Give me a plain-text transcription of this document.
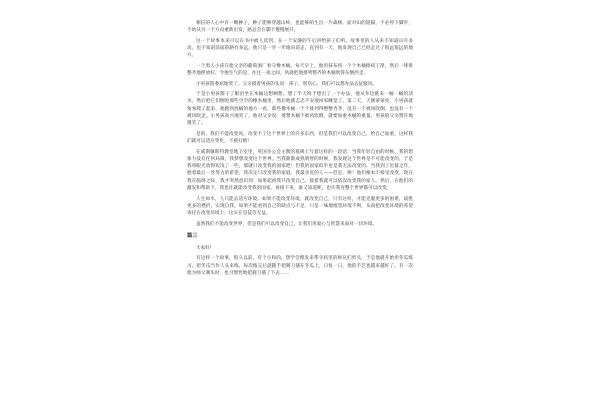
相信的人心中有一颗种子，种子能够穿越山岭，也能够萌生出一片森林。面对山的阻隔，不必停下脚步，不妨从另一个方向重新出发，路总会在脚下慢慢展开。

这一个故事本来可以在书中被人读到，在一个安静的午后讲给孩子们听。故事里的人从来不知道山有多高，也不知道前面的路有多远，他只是一步一步地向前走，直到有一天，他发现自己已经走过了很远很远的地方。

一个黑人小孩在他父亲的葡萄酒厂看守橡木桶。每天早上，他用抹布将一个个木桶擦拭干净，然后一排排整齐地摆放好。令他生气的是，往往一夜之间，风就把他排列整齐的木桶吹得东倒西歪。

小男孩很委屈地哭了。父亲摸着男孩的头说：孩子，别伤心，我们可以想办法去征服风。

于是小男孩擦干了眼泪坐在木桶边想啊想。想了半天终于想出了一个办法，他从井边挑来一桶一桶的清水，然后把它们倒进那些空空的橡木桶里，然后他就忐忑不安地回家睡觉了。第二天，天刚蒙蒙亮，小男孩就匆匆爬了起来，他跑到放桶的地方一看，那些橡木桶一个个排列得整整齐齐，没有一个被风吹倒，也没有一个被风吹歪。小男孩高兴地笑了，他对父亲说：要想木桶不被风吹倒，就要加重木桶的重量。男孩的父亲赞许地微笑了。

是的，我们不能改变风，改变不了这个世界上的许多东西，但是我们可以改变自己，给自己加重，这样我们就可以适应变化，不被打败！

在威斯敏斯特教堂地下室里，英国圣公会主教的墓碑上写着这样的一段话：当我年轻自由的时候，我的想象力没有任何局限，我梦想改变这个世界。当我渐渐成熟明智的时候，我发现这个世界是不可能改变的，于是我将眼光放得短浅了一些，那就只改变我的国家吧！但我的国家似乎也是我无法改变的。当我到了迟暮之年，抱着最后一丝努力的希望，我决定只改变我的家庭、我最亲近的人——但是，唉！他们根本不接受改变。现在我在临终之际，我才突然意识到：如果起初我只改变自己，接着我就可以依次改变我的家人。然后，在他们的激发和帮助下，我也许就能改变我的国家。再接下来，谁又知道呢，也许我连整个世界都可以改变。

人生如水，人只能去适应环境。如果不能改变环境，就改变自己，只有这样，才能克服更多的困难，战胜更多的挫折，实现自我。如果不能看到自己的缺点与不足，只是一味地埋怨环境不利，从而把改变环境的希望寄托在改变环境上，这实在是徒劳无益。

虽然我们不能改变世界，但是我们可以改变自己，让我们用爱心与智慧来面对一切环境。

篇三

大家好!

有这样一个故事，很久以前，有个小和尚，想学会理发来帮寺庙里的师兄们剪头，于是他就开始用冬瓜练习，把冬瓜当作人头来练，每次练完后就随手把剃刀插在冬瓜上，日复一日，他的手艺也越来越好了。有一次他为师父剃头时，也习惯性地把剃刀插了下去……
